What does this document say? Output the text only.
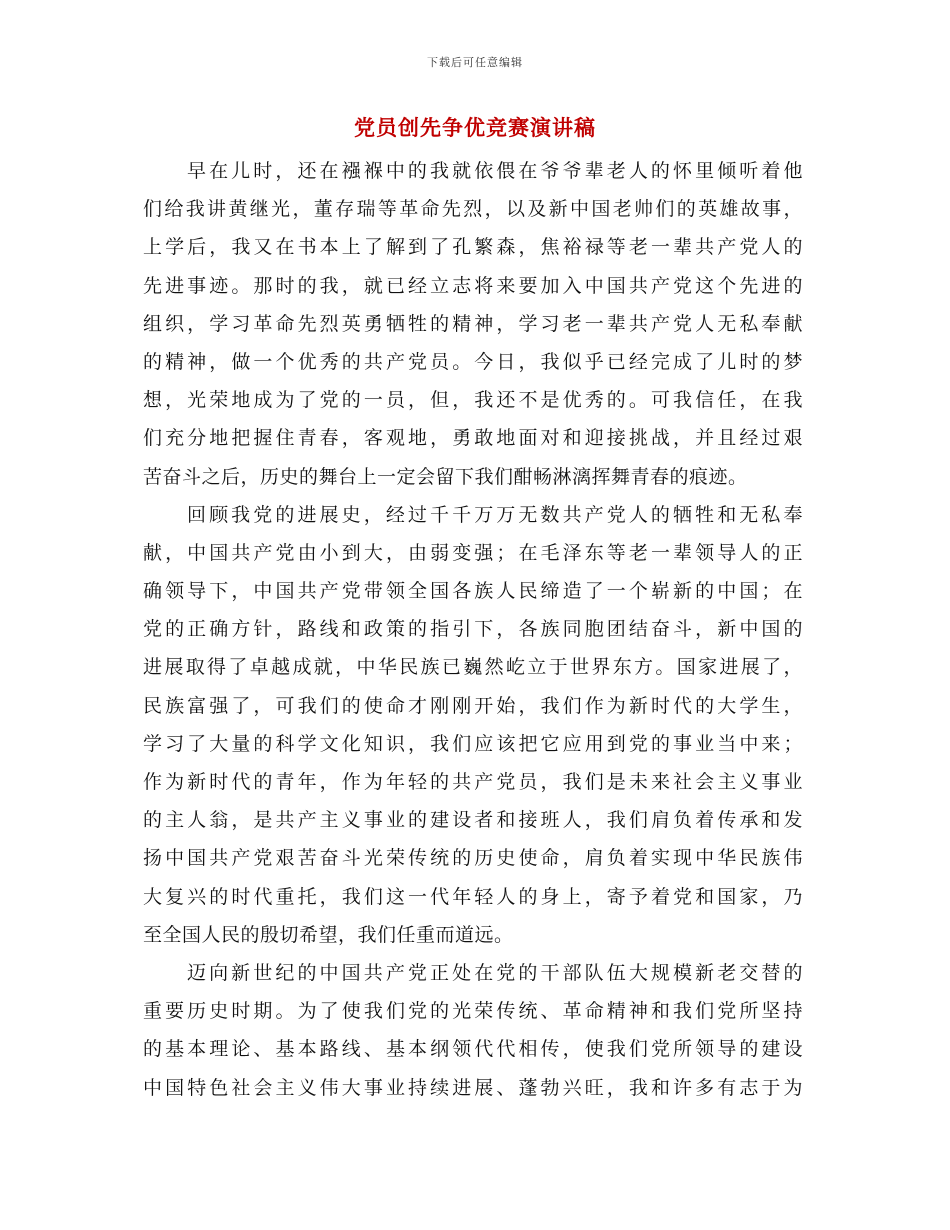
下载后可任意编辑
党员创先争优竞赛演讲稿
早在儿时，还在襁褓中的我就依偎在爷爷辈老人的怀里倾听着他
们给我讲黄继光，董存瑞等革命先烈，以及新中国老帅们的英雄故事，
上学后，我又在书本上了解到了孔繁森，焦裕禄等老一辈共产党人的
先进事迹。那时的我，就已经立志将来要加入中国共产党这个先进的
组织，学习革命先烈英勇牺牲的精神，学习老一辈共产党人无私奉献
的精神，做一个优秀的共产党员。今日，我似乎已经完成了儿时的梦
想，光荣地成为了党的一员，但，我还不是优秀的。可我信任，在我
们充分地把握住青春，客观地，勇敢地面对和迎接挑战，并且经过艰
苦奋斗之后，历史的舞台上一定会留下我们酣畅淋漓挥舞青春的痕迹。
回顾我党的进展史，经过千千万万无数共产党人的牺牲和无私奉
献，中国共产党由小到大，由弱变强；在毛泽东等老一辈领导人的正
确领导下，中国共产党带领全国各族人民缔造了一个崭新的中国；在
党的正确方针，路线和政策的指引下，各族同胞团结奋斗，新中国的
进展取得了卓越成就，中华民族已巍然屹立于世界东方。国家进展了，
民族富强了，可我们的使命才刚刚开始，我们作为新时代的大学生，
学习了大量的科学文化知识，我们应该把它应用到党的事业当中来；
作为新时代的青年，作为年轻的共产党员，我们是未来社会主义事业
的主人翁，是共产主义事业的建设者和接班人，我们肩负着传承和发
扬中国共产党艰苦奋斗光荣传统的历史使命，肩负着实现中华民族伟
大复兴的时代重托，我们这一代年轻人的身上，寄予着党和国家，乃
至全国人民的殷切希望，我们任重而道远。
迈向新世纪的中国共产党正处在党的干部队伍大规模新老交替的
重要历史时期。为了使我们党的光荣传统、革命精神和我们党所坚持
的基本理论、基本路线、基本纲领代代相传，使我们党所领导的建设
中国特色社会主义伟大事业持续进展、蓬勃兴旺，我和许多有志于为
